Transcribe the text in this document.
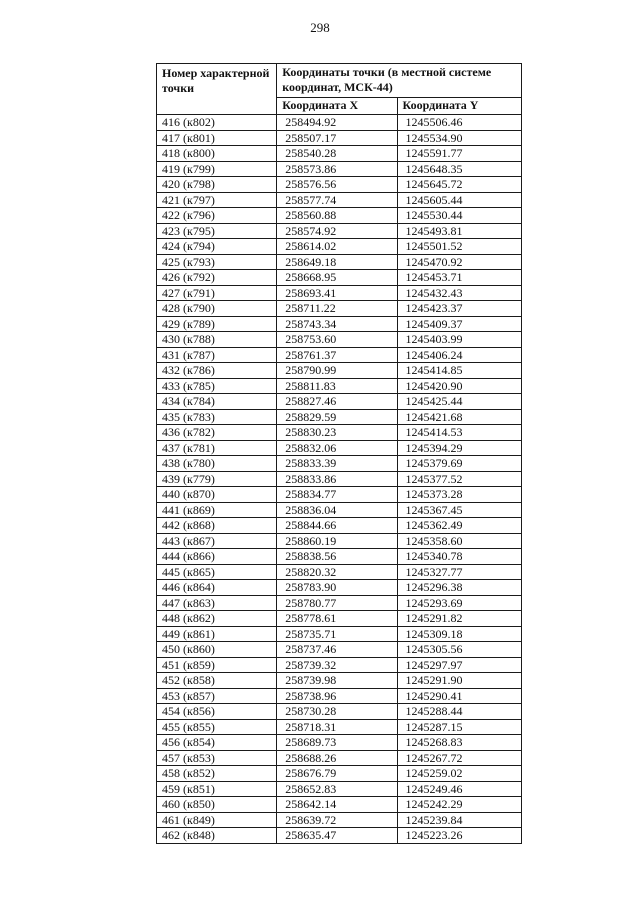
298
Номер характерной точки	Координаты точки (в местной системе координат, МСК-44)	
	Координата X	Координата Y
416 (к802)	258494.92	1245506.46
417 (к801)	258507.17	1245534.90
418 (к800)	258540.28	1245591.77
419 (к799)	258573.86	1245648.35
420 (к798)	258576.56	1245645.72
421 (к797)	258577.74	1245605.44
422 (к796)	258560.88	1245530.44
423 (к795)	258574.92	1245493.81
424 (к794)	258614.02	1245501.52
425 (к793)	258649.18	1245470.92
426 (к792)	258668.95	1245453.71
427 (к791)	258693.41	1245432.43
428 (к790)	258711.22	1245423.37
429 (к789)	258743.34	1245409.37
430 (к788)	258753.60	1245403.99
431 (к787)	258761.37	1245406.24
432 (к786)	258790.99	1245414.85
433 (к785)	258811.83	1245420.90
434 (к784)	258827.46	1245425.44
435 (к783)	258829.59	1245421.68
436 (к782)	258830.23	1245414.53
437 (к781)	258832.06	1245394.29
438 (к780)	258833.39	1245379.69
439 (к779)	258833.86	1245377.52
440 (к870)	258834.77	1245373.28
441 (к869)	258836.04	1245367.45
442 (к868)	258844.66	1245362.49
443 (к867)	258860.19	1245358.60
444 (к866)	258838.56	1245340.78
445 (к865)	258820.32	1245327.77
446 (к864)	258783.90	1245296.38
447 (к863)	258780.77	1245293.69
448 (к862)	258778.61	1245291.82
449 (к861)	258735.71	1245309.18
450 (к860)	258737.46	1245305.56
451 (к859)	258739.32	1245297.97
452 (к858)	258739.98	1245291.90
453 (к857)	258738.96	1245290.41
454 (к856)	258730.28	1245288.44
455 (к855)	258718.31	1245287.15
456 (к854)	258689.73	1245268.83
457 (к853)	258688.26	1245267.72
458 (к852)	258676.79	1245259.02
459 (к851)	258652.83	1245249.46
460 (к850)	258642.14	1245242.29
461 (к849)	258639.72	1245239.84
462 (к848)	258635.47	1245223.26
